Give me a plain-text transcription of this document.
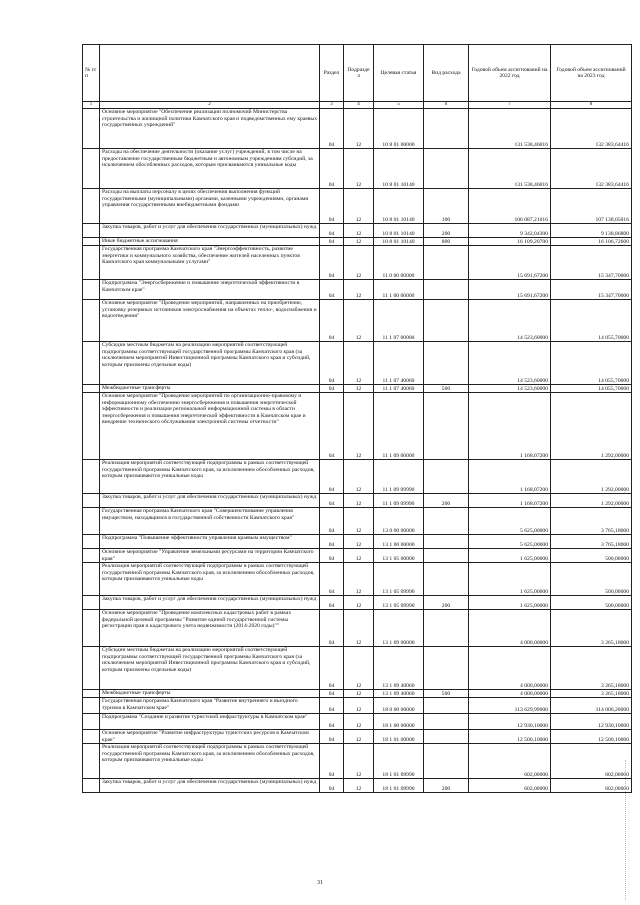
№ п/п		Раздел	Подраздел	Целевая статья	Вид расхода	Годовой объем ассигнований на 2022 год	Годовой объем ассигнований на 2023 год
1	2	3	4	5	6	7	8
	Основное мероприятие "Обеспечение реализации полномочий Министерства строительства и жилищной политики Камчатского края и подведомственных ему краевых государственных учреждений"	04	12	10 8 01 00000		131 538,46016	132 383,64416
	Расходы на обеспечение деятельности (оказание услуг) учреждений, в том числе на предоставление государственным бюджетным и автономным учреждениям субсидий, за исключением обособленных расходов, которым присваиваются уникальные коды	04	12	10 8 01 10140		131 538,46016	132 383,64416
	Расходы на выплаты персоналу в целях обеспечения выполнения функций государственными (муниципальными) органами, казенными учреждениями, органами управления государственными внебюджетными фондами	04	12	10 8 01 10140	100	106 087,21016	107 138,05016
	Закупка товаров, работ и услуг для обеспечения государственных (муниципальных) нужд	04	12	10 8 01 10140	200	9 342,04300	9 138,86800
	Иные бюджетные ассигнования	04	12	10 8 01 10140	800	16 109,20700	16 106,72600
	Государственная программа Камчатского края "Энергоэффективность, развитие энергетики и коммунального хозяйства, обеспечение жителей населенных пунктов Камчатского края коммунальными услугами"	04	12	11 0 00 00000		15 691,67200	15 347,70000
	Подпрограмма "Энергосбережение и повышение энергетической эффективности в Камчатском крае"	04	12	11 1 00 00000		15 691,67200	15 347,70000
	Основное мероприятие "Проведение мероприятий, направленных на приобретение, установку резервных источников электроснабжения на объектах тепло-, водоснабжения и водоотведения"	04	12	11 1 07 00000		14 523,60000	14 055,70000
	Субсидии местным бюджетам на реализацию мероприятий соответствующей подпрограммы соответствующей государственной программы Камчатского края (за исключением мероприятий Инвестиционной программы Камчатского края и субсидий, которым присвоены отдельные коды)	04	12	11 1 07 40060		14 523,60000	14 055,70000
	Межбюджетные трансферты	04	12	11 1 07 40060	500	14 523,60000	14 055,70000
	Основное мероприятие "Проведение мероприятий по организационно-правовому и информационному обеспечению энергосбережения и повышения энергетической эффективности и реализации региональной информационной системы в области энергосбережения и повышения энергетической эффективности в Камчатском крае и внедрение технического обслуживания электронной системы отчетности"	04	12	11 1 09 00000		1 168,07200	1 292,00000
	Реализация мероприятий соответствующей подпрограммы в рамках соответствующей государственной программы Камчатского края, за исключением обособленных расходов, которым присваиваются уникальные коды	04	12	11 1 09 09990		1 168,07200	1 292,00000
	Закупка товаров, работ и услуг для обеспечения государственных (муниципальных) нужд	04	12	11 1 09 09990	200	1 168,07200	1 292,00000
	Государственная программа Камчатского края "Совершенствование управления имуществом, находящимся в государственной собственности Камчатского края"	04	12	13 0 00 00000		5 625,00000	3 765,18000
	Подпрограмма "Повышение эффективности управления краевым имуществом"	04	12	13 1 00 00000		5 625,00000	3 765,18000
	Основное мероприятие "Управление земельными ресурсами на территории Камчатского края"	04	12	13 1 05 00000		1 625,00000	500,00000
	Реализация мероприятий соответствующей подпрограммы в рамках соответствующей государственной программы Камчатского края, за исключением обособленных расходов, которым присваиваются уникальные коды	04	12	13 1 05 09990		1 625,00000	500,00000
	Закупка товаров, работ и услуг для обеспечения государственных (муниципальных) нужд	04	12	13 1 05 09990	200	1 625,00000	500,00000
	Основное мероприятие "Проведение комплексных кадастровых работ в рамках федеральной целевой программы "Развитие единой государственной системы регистрации прав и кадастрового учета недвижимости (2014-2020 годы)""	04	12	13 1 09 00000		4 000,00000	3 265,18000
	Субсидии местным бюджетам на реализацию мероприятий соответствующей подпрограммы соответствующей государственной программы Камчатского края (за исключением мероприятий Инвестиционной программы Камчатского края и субсидий, которым присвоены отдельные коды)	04	12	13 1 09 40060		4 000,00000	3 265,18000
	Межбюджетные трансферты	04	12	13 1 09 40060	500	4 000,00000	3 265,18000
	Государственная программа Камчатского края "Развитие внутреннего и въездного туризма в Камчатском крае"	04	12	18 0 00 00000		113 629,99000	114 006,20000
	Подпрограмма "Создание и развитие туристской инфраструктуры в Камчатском крае"	04	12	18 1 00 00000		12 930,10000	12 930,10000
	Основное мероприятие "Развитие инфраструктуры туристских ресурсов в Камчатском крае"	04	12	18 1 01 00000		12 500,10000	12 500,10000
	Реализация мероприятий соответствующей подпрограммы в рамках соответствующей государственной программы Камчатского края, за исключением обособленных расходов, которым присваиваются уникальные коды	04	12	18 1 01 09990		602,00000	602,00000
	Закупка товаров, работ и услуг для обеспечения государственных (муниципальных) нужд	04	12	18 1 01 09990	200	602,00000	602,00000
31
